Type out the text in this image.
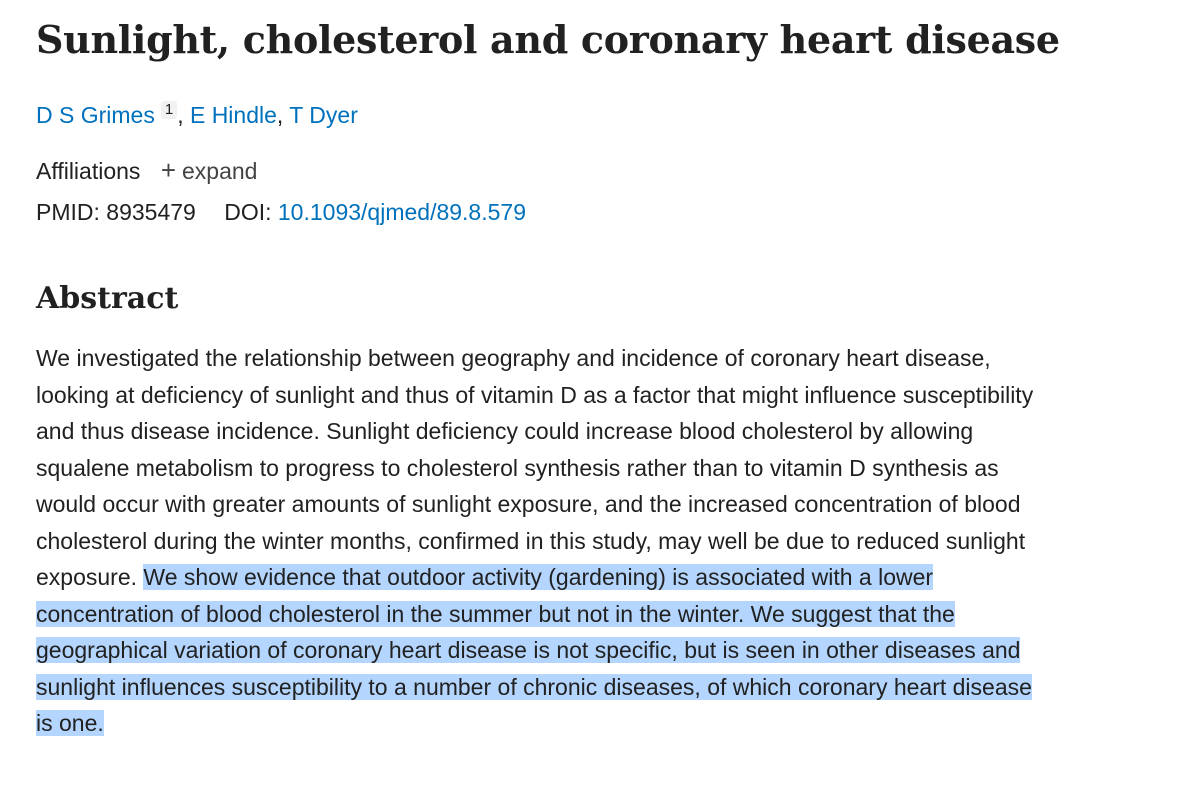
Sunlight, cholesterol and coronary heart disease
D S Grimes 1 , E Hindle, T Dyer
Affiliations + expand
PMID: 8935479 DOI: 10.1093/qjmed/89.8.579
Abstract
We investigated the relationship between geography and incidence of coronary heart disease,
looking at deficiency of sunlight and thus of vitamin D as a factor that might influence susceptibility
and thus disease incidence. Sunlight deficiency could increase blood cholesterol by allowing
squalene metabolism to progress to cholesterol synthesis rather than to vitamin D synthesis as
would occur with greater amounts of sunlight exposure, and the increased concentration of blood
cholesterol during the winter months, confirmed in this study, may well be due to reduced sunlight
exposure. We show evidence that outdoor activity (gardening) is associated with a lower
concentration of blood cholesterol in the summer but not in the winter. We suggest that the
geographical variation of coronary heart disease is not specific, but is seen in other diseases and
sunlight influences susceptibility to a number of chronic diseases, of which coronary heart disease
is one.
